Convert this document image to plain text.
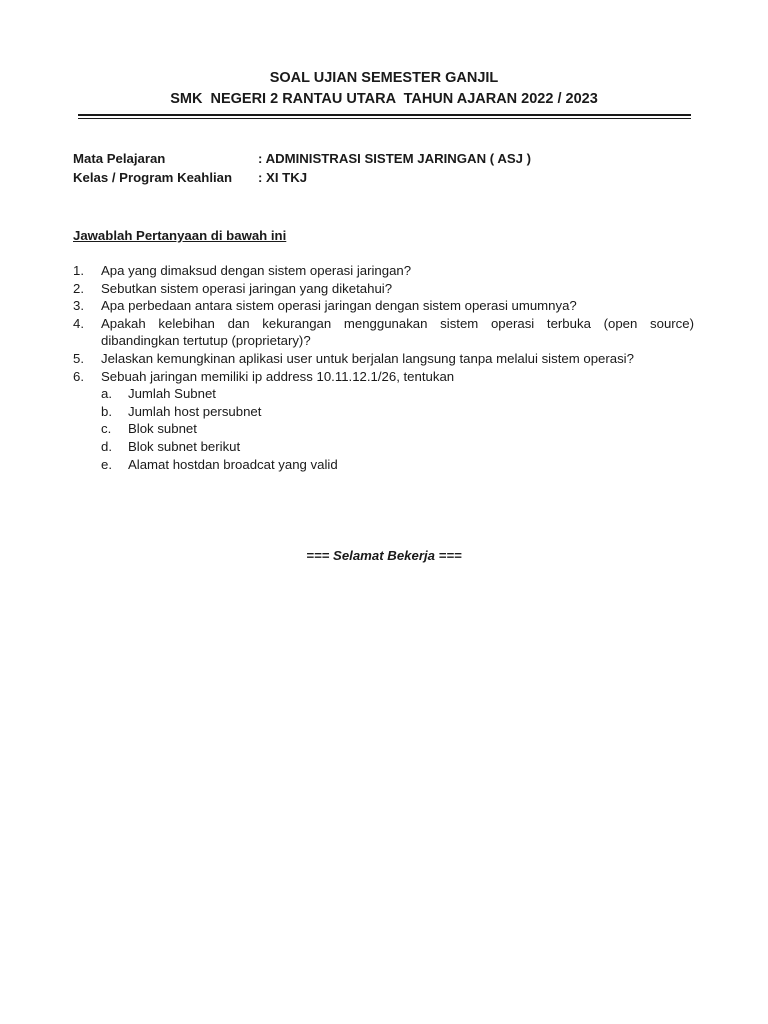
SOAL UJIAN SEMESTER GANJIL
SMK  NEGERI 2 RANTAU UTARA  TAHUN AJARAN 2022 / 2023
Mata Pelajaran	: ADMINISTRASI SISTEM JARINGAN ( ASJ )
Kelas / Program Keahlian	: XI TKJ
Jawablah Pertanyaan di bawah ini
1.	Apa yang dimaksud dengan sistem operasi jaringan?
2.	Sebutkan sistem operasi jaringan yang diketahui?
3.	Apa perbedaan antara sistem operasi jaringan dengan sistem operasi umumnya?
4.	Apakah kelebihan dan kekurangan menggunakan sistem operasi terbuka (open source) dibandingkan tertutup (proprietary)?
5.	Jelaskan kemungkinan aplikasi user untuk berjalan langsung tanpa melalui sistem operasi?
6.	Sebuah jaringan memiliki ip address 10.11.12.1/26, tentukan
a.	Jumlah Subnet
b.	Jumlah host persubnet
c.	Blok subnet
d.	Blok subnet berikut
e.	Alamat hostdan broadcat yang valid
=== Selamat Bekerja ===
